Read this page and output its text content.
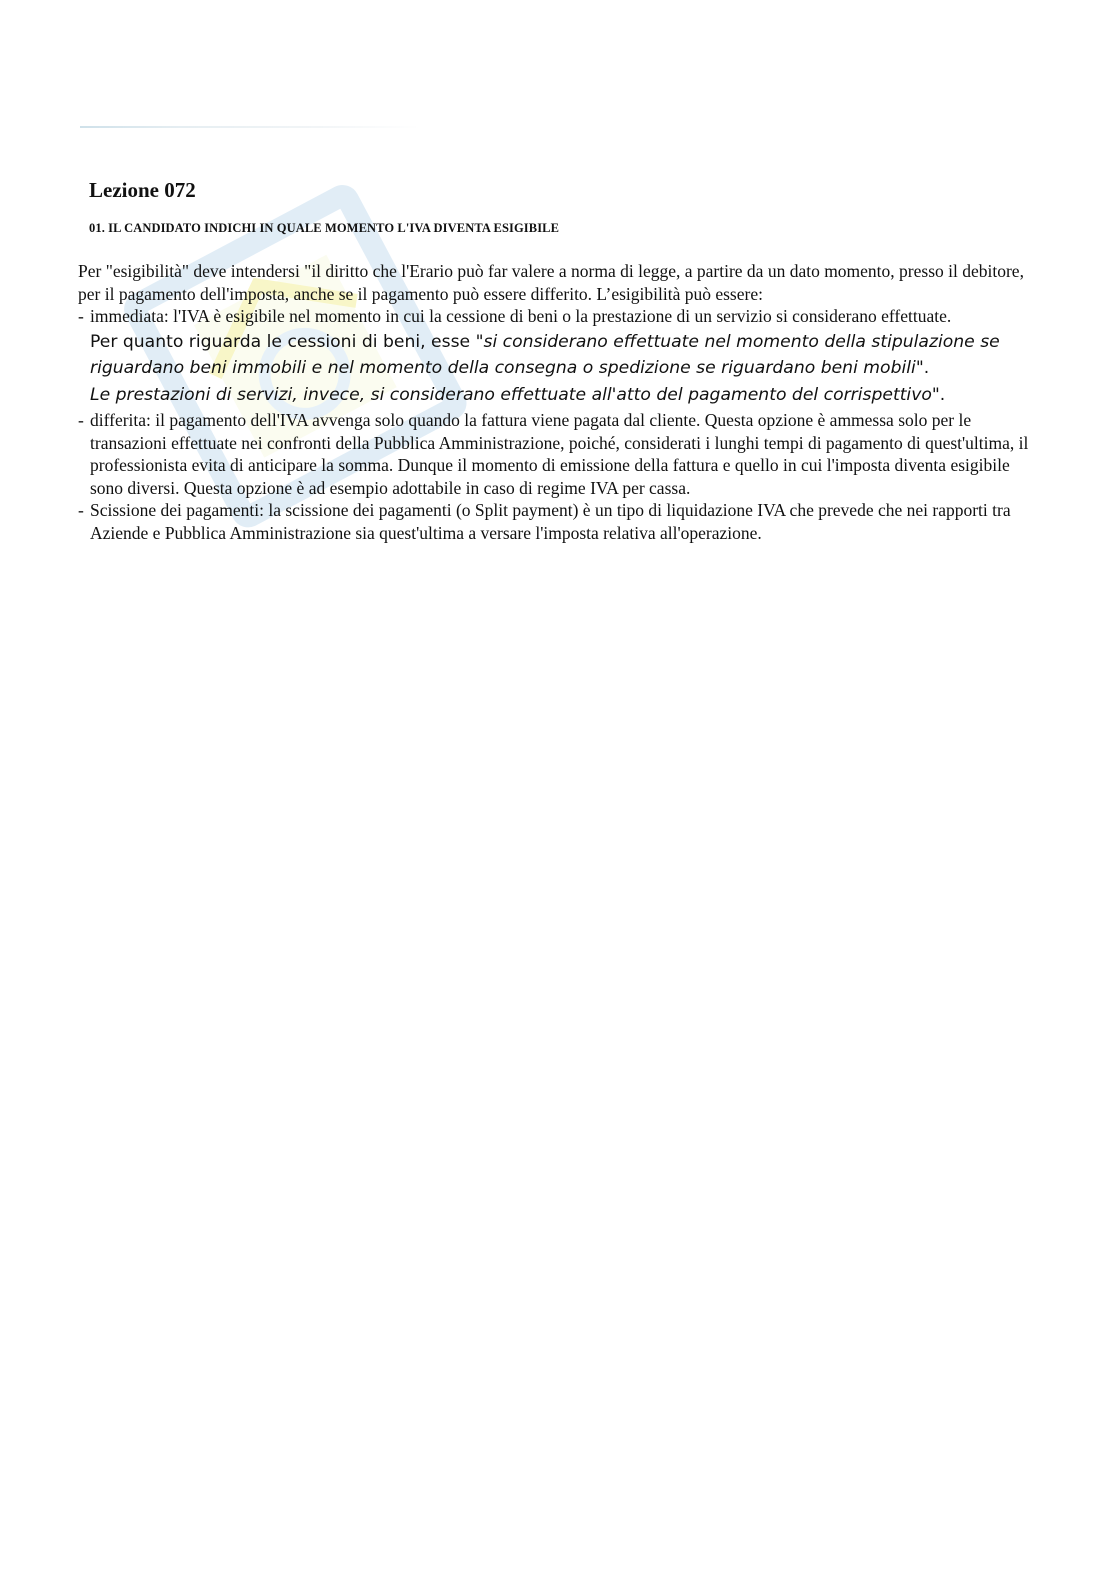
Lezione 072
01. IL CANDIDATO INDICHI IN QUALE MOMENTO L'IVA DIVENTA ESIGIBILE

Per "esigibilità" deve intendersi "il diritto che l'Erario può far valere a norma di legge, a partire da un dato momento, presso il debitore, per il pagamento dell'imposta, anche se il pagamento può essere differito. L’esigibilità può essere:

- immediata: l'IVA è esigibile nel momento in cui la cessione di beni o la prestazione di un servizio si considerano effettuate.
Per quanto riguarda le cessioni di beni, esse "si considerano effettuate nel momento della stipulazione se riguardano beni immobili e nel momento della consegna o spedizione se riguardano beni mobili".
Le prestazioni di servizi, invece, si considerano effettuate all'atto del pagamento del corrispettivo".
- differita: il pagamento dell'IVA avvenga solo quando la fattura viene pagata dal cliente. Questa opzione è ammessa solo per le transazioni effettuate nei confronti della Pubblica Amministrazione, poiché, considerati i lunghi tempi di pagamento di quest'ultima, il professionista evita di anticipare la somma. Dunque il momento di emissione della fattura e quello in cui l'imposta diventa esigibile sono diversi. Questa opzione è ad esempio adottabile in caso di regime IVA per cassa.
- Scissione dei pagamenti: la scissione dei pagamenti (o Split payment) è un tipo di liquidazione IVA che prevede che nei rapporti tra Aziende e Pubblica Amministrazione sia quest'ultima a versare l'imposta relativa all'operazione.
